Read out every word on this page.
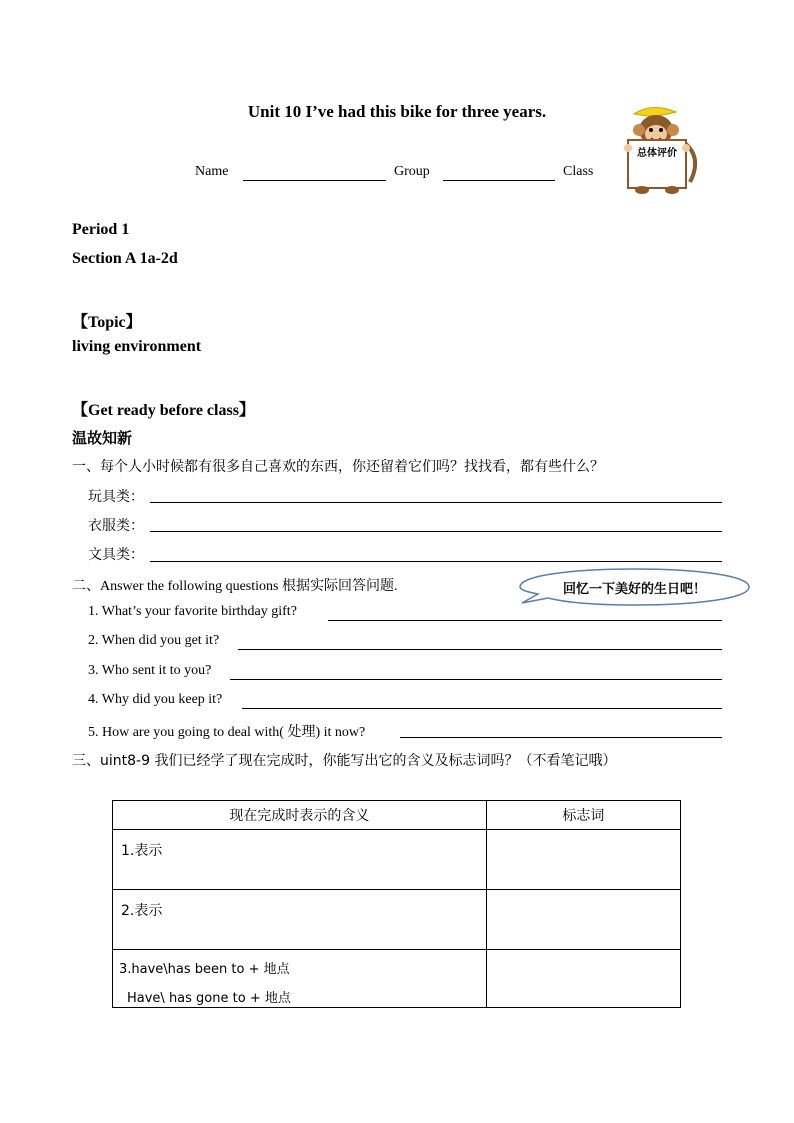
Unit 10 I’ve had this bike for three years.
总体评价
Name	Group	Class
Period 1
Section A 1a-2d
【Topic】
living environment
【Get ready before class】
温故知新
一、每个人小时候都有很多自己喜欢的东西，你还留着它们吗？找找看，都有些什么？
玩具类：
衣服类：
文具类：
二、Answer the following questions 根据实际回答问题.	回忆一下美好的生日吧！
1. What’s your favorite birthday gift?
2. When did you get it?
3. Who sent it to you?
4. Why did you keep it?
5. How are you going to deal with( 处理) it now?
三、uint8-9 我们已经学了现在完成时，你能写出它的含义及标志词吗？（不看笔记哦）
现在完成时表示的含义	标志词

1.表示	

2.表示	

3.have\has been to + 地点
Have\ has gone to + 地点	
